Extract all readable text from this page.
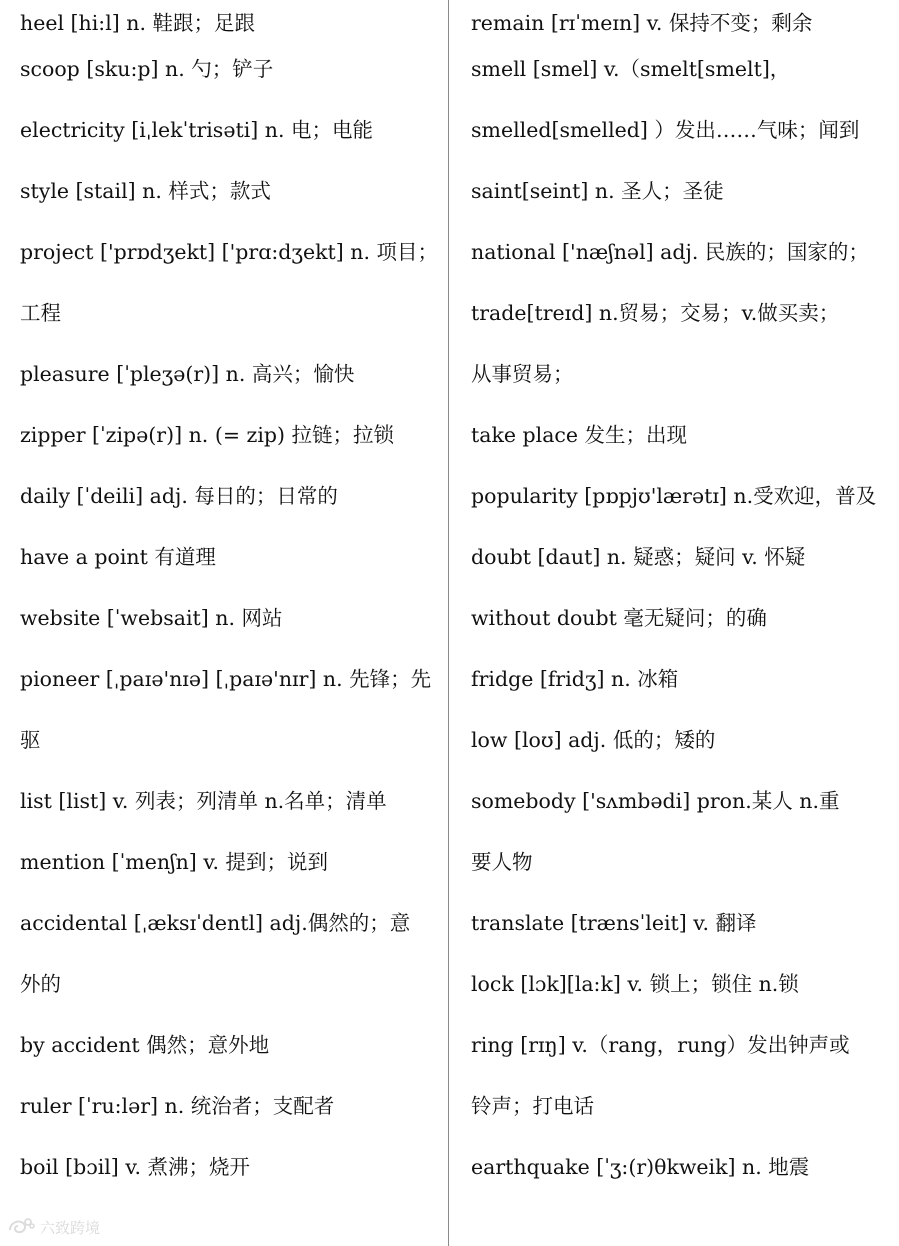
heel [hi:l] n. 鞋跟；足跟
scoop [sku:p] n. 勺；铲子
electricity [iˌlekˈtrisəti] n. 电；电能
style [stail] n. 样式；款式
project ['prɒdʒekt] ['prɑ:dʒekt] n. 项目；
工程
pleasure [ˈpleʒə(r)] n. 高兴；愉快
zipper [ˈzipə(r)] n. (= zip) 拉链；拉锁
daily [ˈdeili] adj. 每日的；日常的
have a point 有道理
website [ˈwebsait] n. 网站
pioneer [ˌpaɪə'nɪə] [ˌpaɪə'nɪr] n. 先锋；先
驱
list [list] v. 列表；列清单 n.名单；清单
mention [ˈmenʃn] v. 提到；说到
accidental [ˌæksɪˈdentl] adj.偶然的；意
外的
by accident 偶然；意外地
ruler [ˈru:lər] n. 统治者；支配者
boil [bɔil] v. 煮沸；烧开
remain [rɪˈmeɪn] v. 保持不变；剩余
smell [smel] v.（smelt[smelt]，
smelled[smelled] ）发出……气味；闻到
saint[seint] n. 圣人；圣徒
national ['næʃnəl] adj. 民族的；国家的；
trade[treɪd] n.贸易；交易；v.做买卖；
从事贸易；
take place 发生；出现
popularity [pɒpjʊ'lærətɪ] n.受欢迎，普及
doubt [daut] n. 疑惑；疑问 v. 怀疑
without doubt 毫无疑问；的确
fridge [fridʒ] n. 冰箱
low [loʊ] adj. 低的；矮的
somebody ['sʌmbədi] pron.某人 n.重
要人物
translate [trænsˈleit] v. 翻译
lock [lɔk][la:k] v. 锁上；锁住 n.锁
ring [rɪŋ] v.（rang，rung）发出钟声或
铃声；打电话
earthquake [ˈʒ:(r)θkweik] n. 地震
六致跨境
